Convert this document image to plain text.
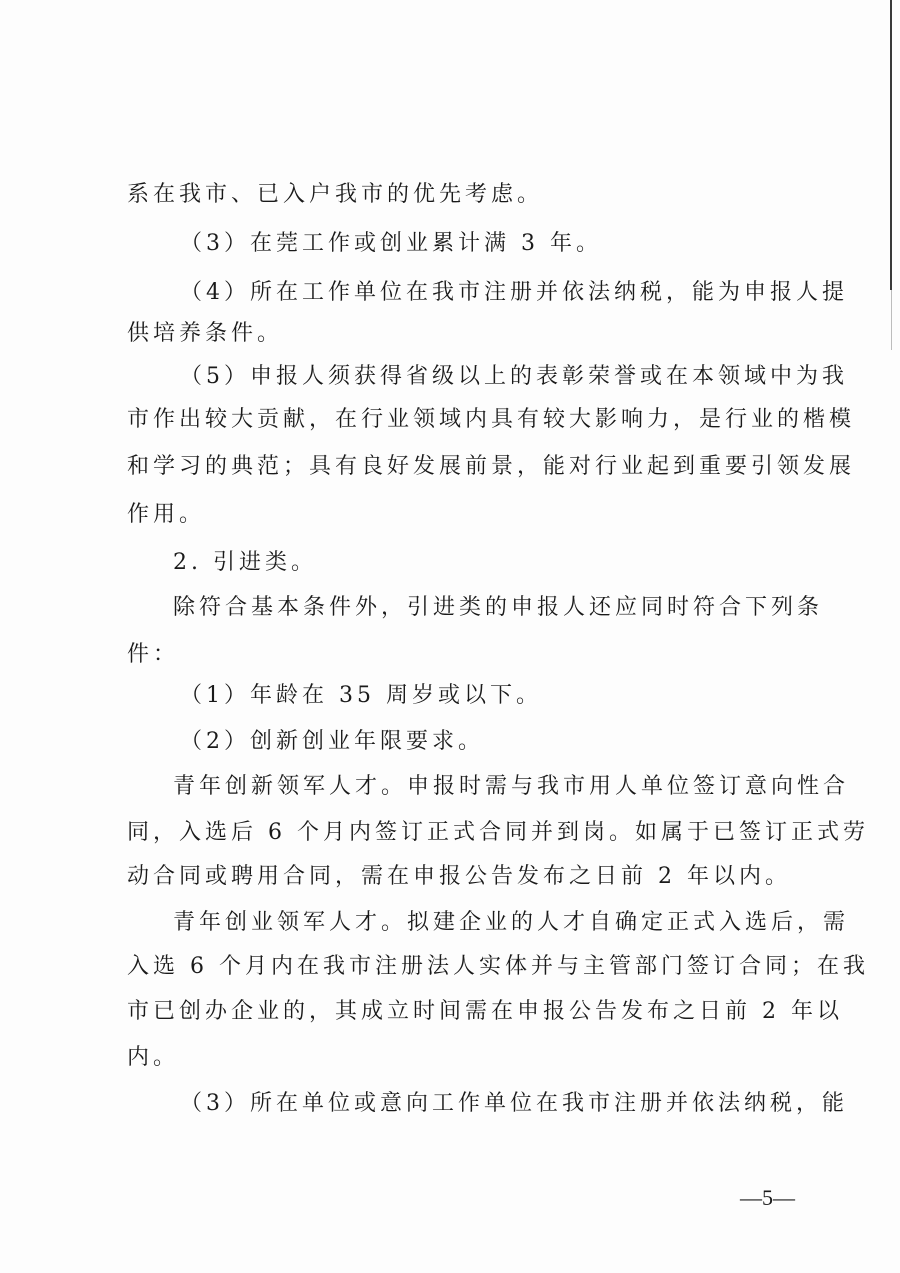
系在我市、已入户我市的优先考虑。
（3）在莞工作或创业累计满 3 年。
（4）所在工作单位在我市注册并依法纳税，能为申报人提
供培养条件。
（5）申报人须获得省级以上的表彰荣誉或在本领域中为我
市作出较大贡献，在行业领域内具有较大影响力，是行业的楷模
和学习的典范；具有良好发展前景，能对行业起到重要引领发展
作用。
2. 引进类。
除符合基本条件外，引进类的申报人还应同时符合下列条
件：
（1）年龄在 35 周岁或以下。
（2）创新创业年限要求。
青年创新领军人才。申报时需与我市用人单位签订意向性合
同，入选后 6 个月内签订正式合同并到岗。如属于已签订正式劳
动合同或聘用合同，需在申报公告发布之日前 2 年以内。
青年创业领军人才。拟建企业的人才自确定正式入选后，需
入选 6 个月内在我市注册法人实体并与主管部门签订合同；在我
市已创办企业的，其成立时间需在申报公告发布之日前 2 年以
内。
（3）所在单位或意向工作单位在我市注册并依法纳税，能
—5—
